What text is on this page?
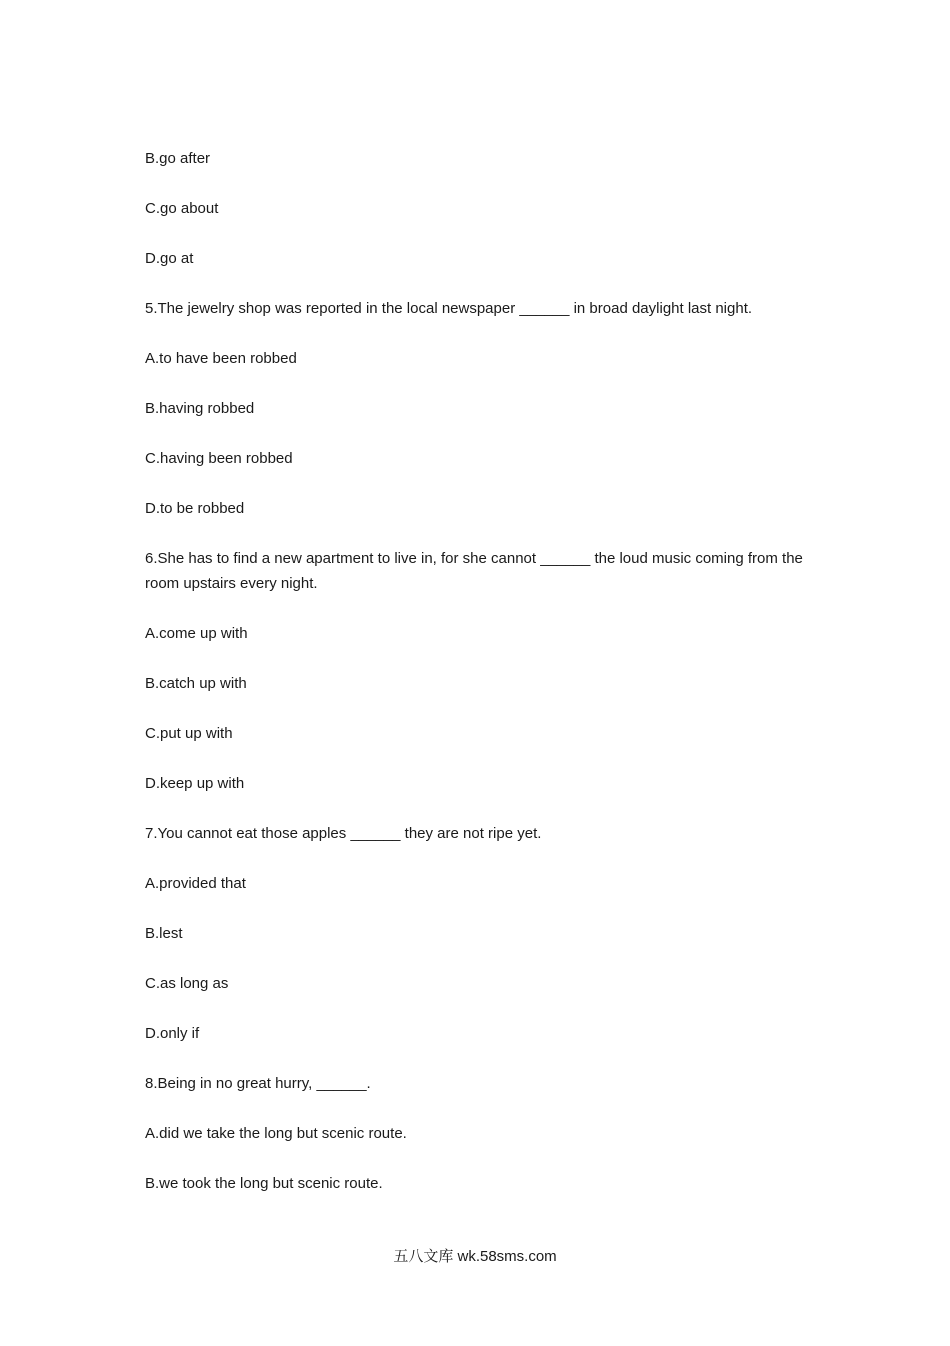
B.go after

C.go about

D.go at

5.The jewelry shop was reported in the local newspaper ______ in broad daylight last night.

A.to have been robbed

B.having robbed

C.having been robbed

D.to be robbed

6.She has to find a new apartment to live in, for she cannot ______ the loud music coming from the room upstairs every night.

A.come up with

B.catch up with

C.put up with

D.keep up with

7.You cannot eat those apples ______ they are not ripe yet.

A.provided that

B.lest

C.as long as

D.only if

8.Being in no great hurry, ______.

A.did we take the long but scenic route.

B.we took the long but scenic route.

五八文库 wk.58sms.com
